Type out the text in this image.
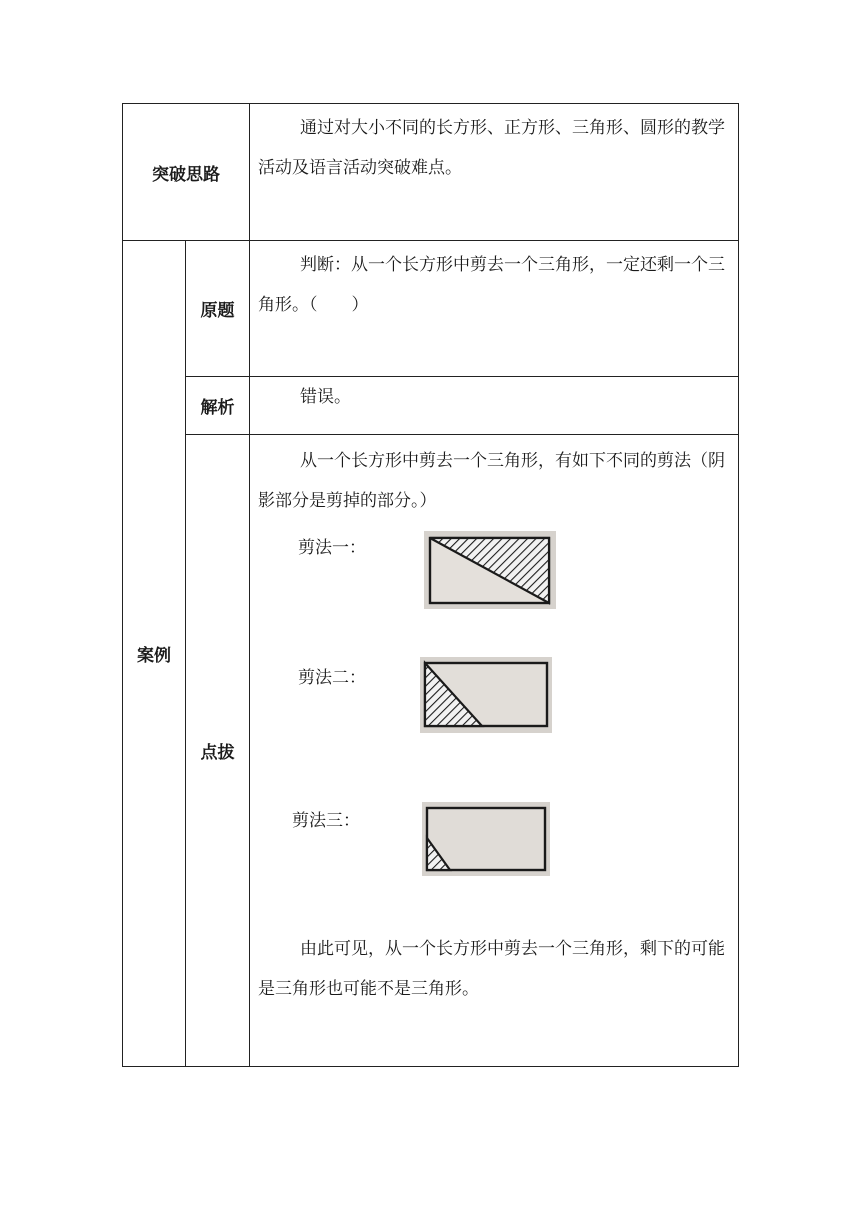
突破思路		通过对大小不同的长方形、正方形、三角形、圆形的教学活动及语言活动突破难点。

案例	原题	判断：从一个长方形中剪去一个三角形，一定还剩一个三角形。（　　）

	解析	错误。

	点拔	从一个长方形中剪去一个三角形，有如下不同的剪法（阴影部分是剪掉的部分。）
剪法一：
剪法二：
剪法三：
由此可见，从一个长方形中剪去一个三角形，剩下的可能是三角形也可能不是三角形。
